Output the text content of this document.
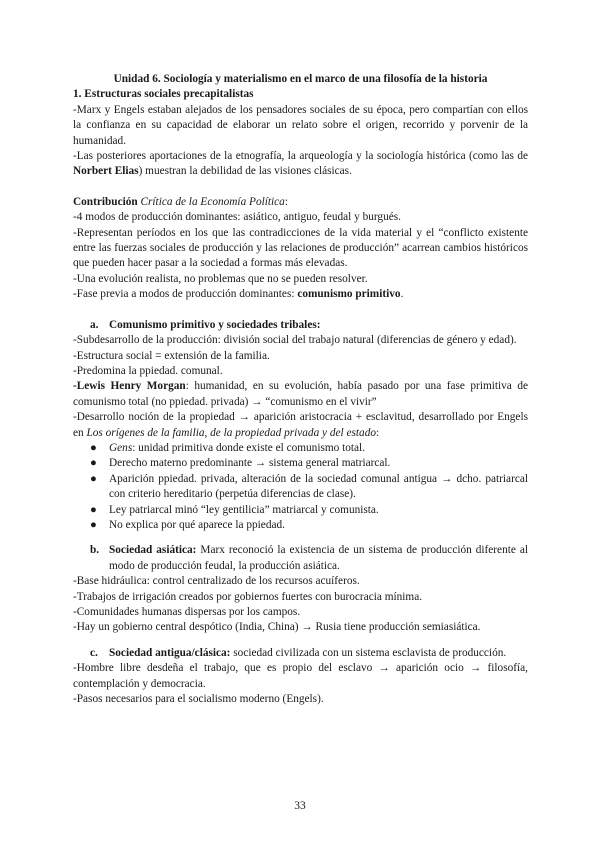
Unidad 6. Sociología y materialismo en el marco de una filosofía de la historia

1. Estructuras sociales precapitalistas

-Marx y Engels estaban alejados de los pensadores sociales de su época, pero compartían con ellos la confianza en su capacidad de elaborar un relato sobre el origen, recorrido y porvenir de la humanidad.

-Las posteriores aportaciones de la etnografía, la arqueología y la sociología histórica (como las de Norbert Elias) muestran la debilidad de las visiones clásicas.

Contribución Crítica de la Economía Política:

-4 modos de producción dominantes: asiático, antiguo, feudal y burgués.

-Representan períodos en los que las contradicciones de la vida material y el “conflicto existente entre las fuerzas sociales de producción y las relaciones de producción” acarrean cambios históricos que pueden hacer pasar a la sociedad a formas más elevadas.

-Una evolución realista, no problemas que no se pueden resolver.

-Fase previa a modos de producción dominantes: comunismo primitivo.

a. Comunismo primitivo y sociedades tribales:

-Subdesarrollo de la producción: división social del trabajo natural (diferencias de género y edad).

-Estructura social = extensión de la familia.

-Predomina la ppiedad. comunal.

-Lewis Henry Morgan: humanidad, en su evolución, había pasado por una fase primitiva de comunismo total (no ppiedad. privada) → “comunismo en el vivir”

-Desarrollo noción de la propiedad → aparición aristocracia + esclavitud, desarrollado por Engels en Los orígenes de la familia, de la propiedad privada y del estado:

● Gens: unidad primitiva donde existe el comunismo total.
● Derecho materno predominante → sistema general matriarcal.
● Aparición ppiedad. privada, alteración de la sociedad comunal antigua → dcho. patriarcal con criterio hereditario (perpetúa diferencias de clase).
● Ley patriarcal minó “ley gentilicia” matriarcal y comunista.
● No explica por qué aparece la ppiedad.

b. Sociedad asiática: Marx reconoció la existencia de un sistema de producción diferente al modo de producción feudal, la producción asiática.

-Base hidráulica: control centralizado de los recursos acuíferos.

-Trabajos de irrigación creados por gobiernos fuertes con burocracia mínima.

-Comunidades humanas dispersas por los campos.

-Hay un gobierno central despótico (India, China) → Rusia tiene producción semiasiática.

c. Sociedad antigua/clásica: sociedad civilizada con un sistema esclavista de producción.

-Hombre libre desdeña el trabajo, que es propio del esclavo → aparición ocio → filosofía, contemplación y democracia.

-Pasos necesarios para el socialismo moderno (Engels).

33
